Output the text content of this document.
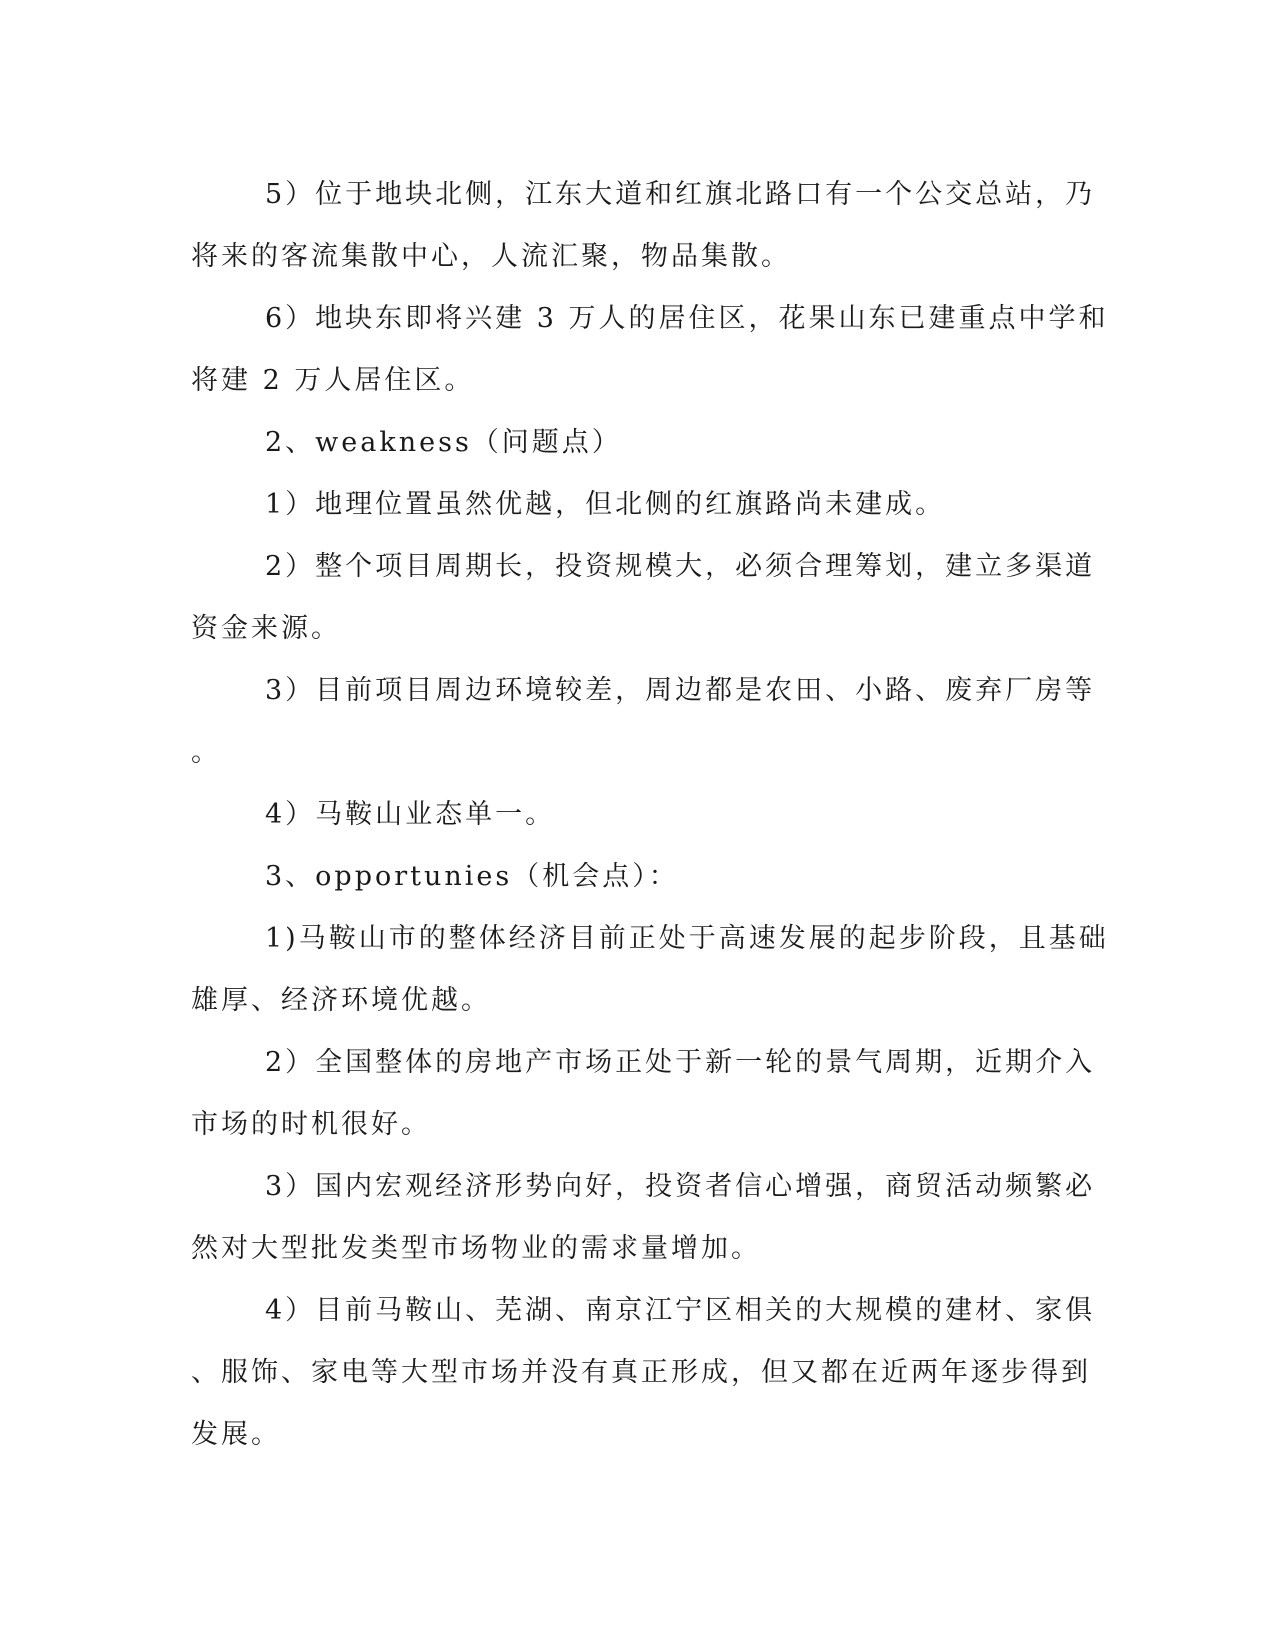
5）位于地块北侧，江东大道和红旗北路口有一个公交总站，乃
将来的客流集散中心，人流汇聚，物品集散。
6）地块东即将兴建 3 万人的居住区，花果山东已建重点中学和
将建 2 万人居住区。
2、weakness（问题点）
1）地理位置虽然优越，但北侧的红旗路尚未建成。
2）整个项目周期长，投资规模大，必须合理筹划，建立多渠道
资金来源。
3）目前项目周边环境较差，周边都是农田、小路、废弃厂房等
。
4）马鞍山业态单一。
3、opportunies（机会点）：
1)马鞍山市的整体经济目前正处于高速发展的起步阶段，且基础
雄厚、经济环境优越。
2）全国整体的房地产市场正处于新一轮的景气周期，近期介入
市场的时机很好。
3）国内宏观经济形势向好，投资者信心增强，商贸活动频繁必
然对大型批发类型市场物业的需求量增加。
4）目前马鞍山、芜湖、南京江宁区相关的大规模的建材、家俱
、服饰、家电等大型市场并没有真正形成，但又都在近两年逐步得到
发展。
